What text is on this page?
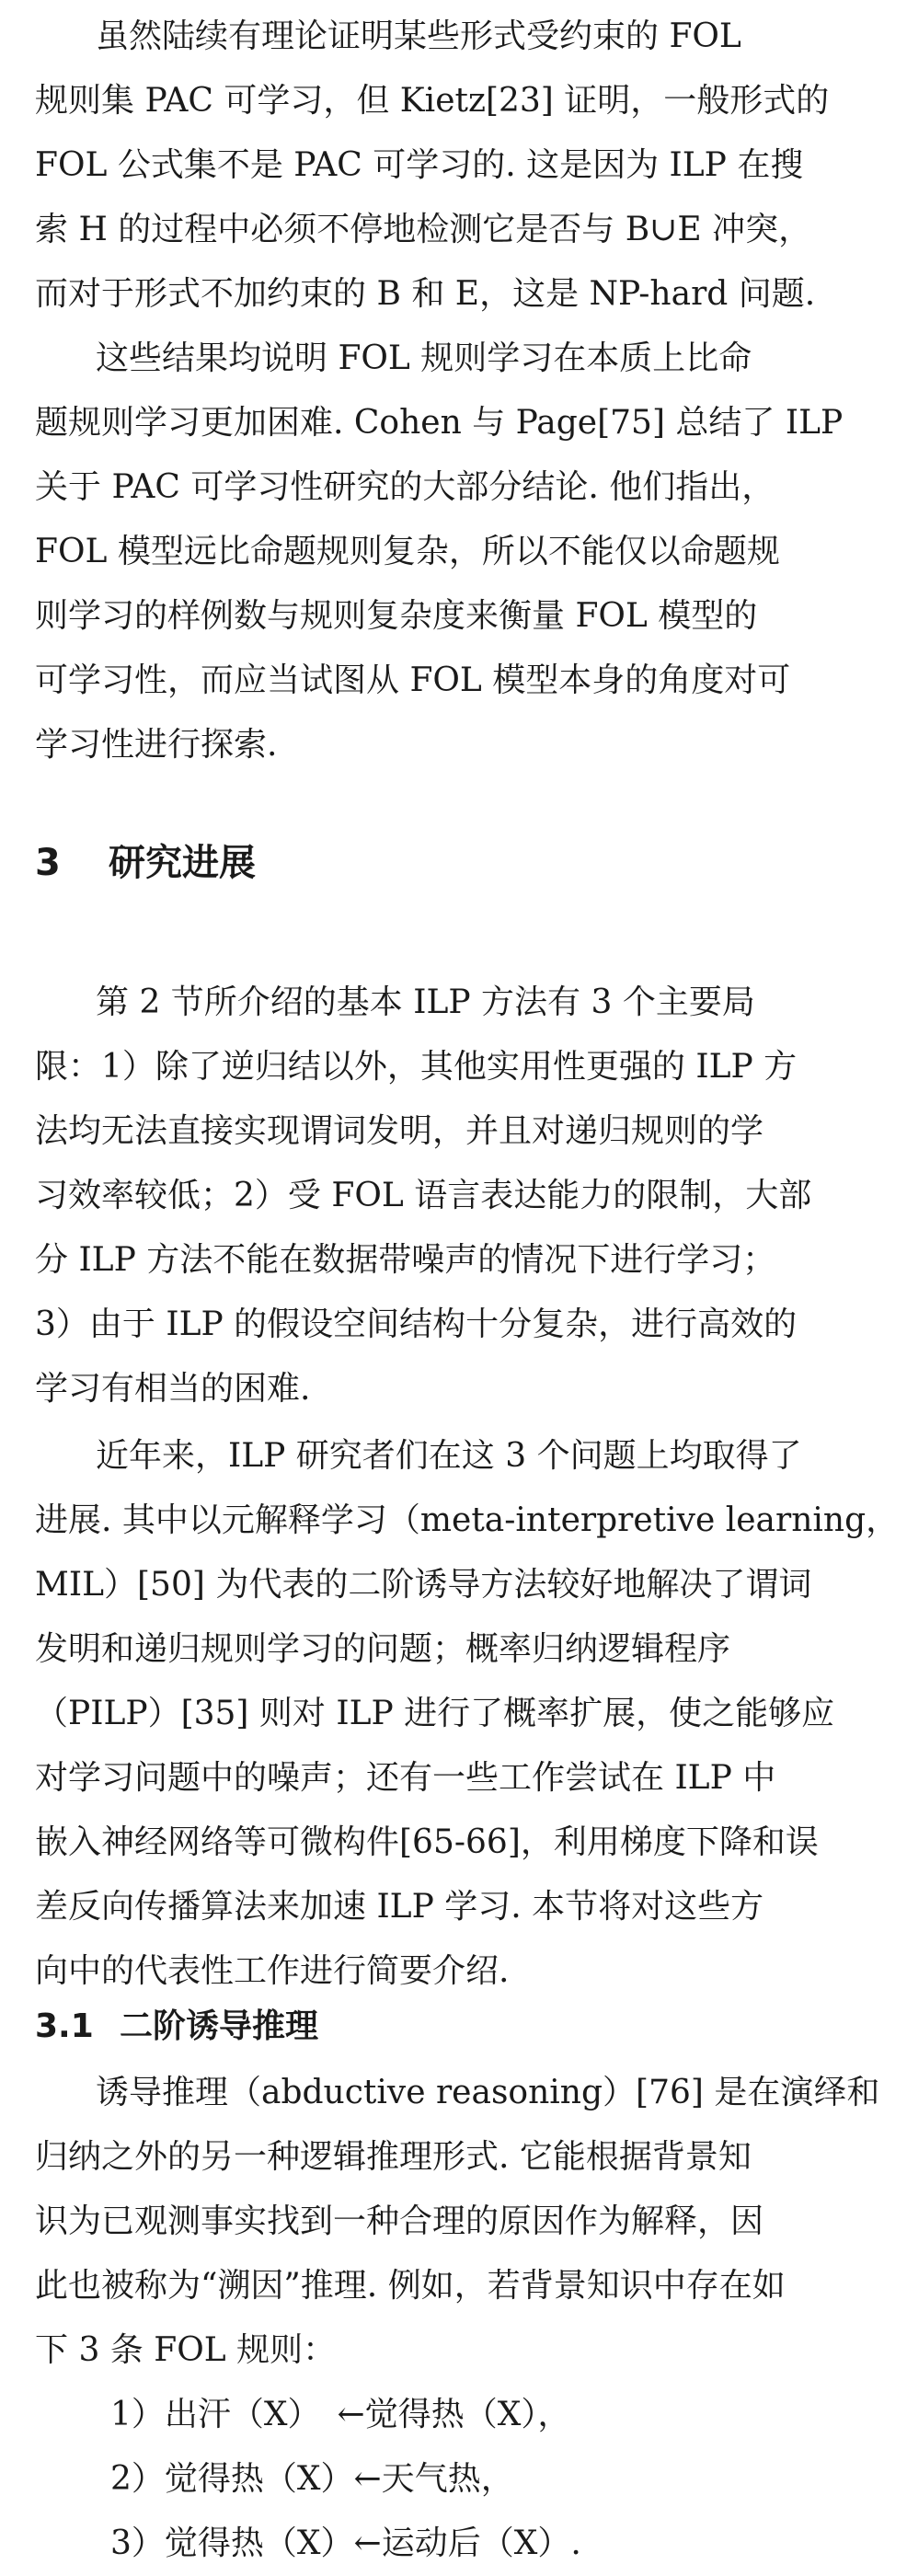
虽然陆续有理论证明某些形式受约束的 FOL
规则集 PAC 可学习，但 Kietz[23] 证明，一般形式的
FOL 公式集不是 PAC 可学习的. 这是因为 ILP 在搜
索 H 的过程中必须不停地检测它是否与 B∪E 冲突，
而对于形式不加约束的 B 和 E，这是 NP-hard 问题.
这些结果均说明 FOL 规则学习在本质上比命
题规则学习更加困难. Cohen 与 Page[75] 总结了 ILP
关于 PAC 可学习性研究的大部分结论. 他们指出，
FOL 模型远比命题规则复杂，所以不能仅以命题规
则学习的样例数与规则复杂度来衡量 FOL 模型的
可学习性，而应当试图从 FOL 模型本身的角度对可
学习性进行探索.
3 研究进展
第 2 节所介绍的基本 ILP 方法有 3 个主要局
限：1）除了逆归结以外，其他实用性更强的 ILP 方
法均无法直接实现谓词发明，并且对递归规则的学
习效率较低；2）受 FOL 语言表达能力的限制，大部
分 ILP 方法不能在数据带噪声的情况下进行学习；
3）由于 ILP 的假设空间结构十分复杂，进行高效的
学习有相当的困难.
近年来，ILP 研究者们在这 3 个问题上均取得了
进展. 其中以元解释学习（meta-interpretive learning，
MIL）[50] 为代表的二阶诱导方法较好地解决了谓词
发明和递归规则学习的问题；概率归纳逻辑程序
（PILP）[35] 则对 ILP 进行了概率扩展，使之能够应
对学习问题中的噪声；还有一些工作尝试在 ILP 中
嵌入神经网络等可微构件[65-66]，利用梯度下降和误
差反向传播算法来加速 ILP 学习. 本节将对这些方
向中的代表性工作进行简要介绍.
3.1 二阶诱导推理
诱导推理（abductive reasoning）[76] 是在演绎和
归纳之外的另一种逻辑推理形式. 它能根据背景知
识为已观测事实找到一种合理的原因作为解释，因
此也被称为“溯因”推理. 例如，若背景知识中存在如
下 3 条 FOL 规则：
1）出汗（X）　←觉得热（X），
2）觉得热（X）←天气热，
3）觉得热（X）←运动后（X）.
